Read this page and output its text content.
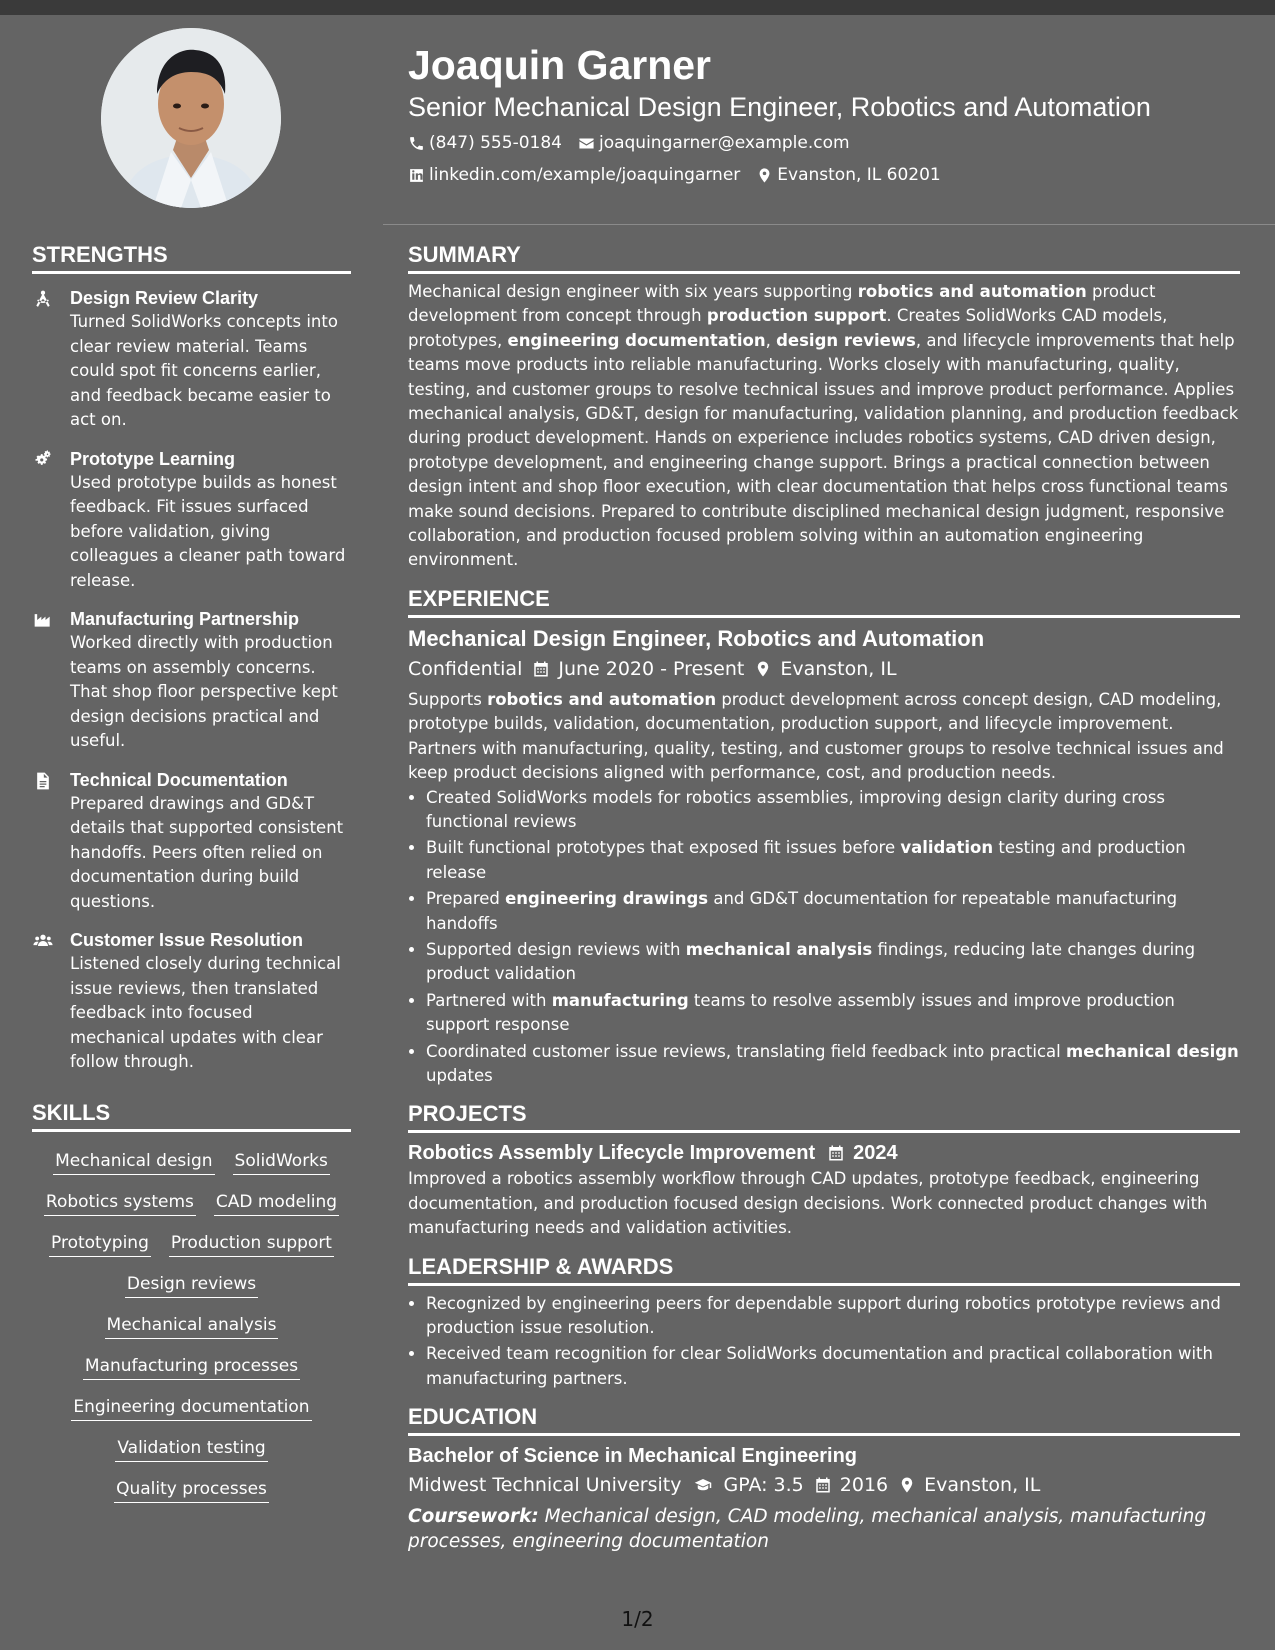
Joaquin Garner
Senior Mechanical Design Engineer, Robotics and Automation
(847) 555-0184 joaquingarner@example.com
linkedin.com/example/joaquingarner Evanston, IL 60201
STRENGTHS
Design Review Clarity
Turned SolidWorks concepts into clear review material. Teams could spot fit concerns earlier, and feedback became easier to act on.
Prototype Learning
Used prototype builds as honest feedback. Fit issues surfaced before validation, giving colleagues a cleaner path toward release.
Manufacturing Partnership
Worked directly with production teams on assembly concerns. That shop floor perspective kept design decisions practical and useful.
Technical Documentation
Prepared drawings and GD&T details that supported consistent handoffs. Peers often relied on documentation during build questions.
Customer Issue Resolution
Listened closely during technical issue reviews, then translated feedback into focused mechanical updates with clear follow through.
SKILLS
Mechanical design SolidWorks
Robotics systems CAD modeling
Prototyping Production support
Design reviews
Mechanical analysis
Manufacturing processes
Engineering documentation
Validation testing
Quality processes
SUMMARY

Mechanical design engineer with six years supporting robotics and automation product development from concept through production support. Creates SolidWorks CAD models, prototypes, engineering documentation, design reviews, and lifecycle improvements that help teams move products into reliable manufacturing. Works closely with manufacturing, quality, testing, and customer groups to resolve technical issues and improve product performance. Applies mechanical analysis, GD&T, design for manufacturing, validation planning, and production feedback during product development. Hands on experience includes robotics systems, CAD driven design, prototype development, and engineering change support. Brings a practical connection between design intent and shop floor execution, with clear documentation that helps cross functional teams make sound decisions. Prepared to contribute disciplined mechanical design judgment, responsive collaboration, and production focused problem solving within an automation engineering environment.

EXPERIENCE
Mechanical Design Engineer, Robotics and Automation
Confidential June 2020 - Present Evanston, IL

Supports robotics and automation product development across concept design, CAD modeling, prototype builds, validation, documentation, production support, and lifecycle improvement. Partners with manufacturing, quality, testing, and customer groups to resolve technical issues and keep product decisions aligned with performance, cost, and production needs.

• Created SolidWorks models for robotics assemblies, improving design clarity during cross functional reviews
• Built functional prototypes that exposed fit issues before validation testing and production release
• Prepared engineering drawings and GD&T documentation for repeatable manufacturing handoffs
• Supported design reviews with mechanical analysis findings, reducing late changes during product validation
• Partnered with manufacturing teams to resolve assembly issues and improve production support response
• Coordinated customer issue reviews, translating field feedback into practical mechanical design updates
PROJECTS
Robotics Assembly Lifecycle Improvement 2024

Improved a robotics assembly workflow through CAD updates, prototype feedback, engineering documentation, and production focused design decisions. Work connected product changes with manufacturing needs and validation activities.

LEADERSHIP & AWARDS
• Recognized by engineering peers for dependable support during robotics prototype reviews and production issue resolution.
• Received team recognition for clear SolidWorks documentation and practical collaboration with manufacturing partners.
EDUCATION
Bachelor of Science in Mechanical Engineering
Midwest Technical University GPA: 3.5 2016 Evanston, IL
Coursework: Mechanical design, CAD modeling, mechanical analysis, manufacturing processes, engineering documentation
1/2
